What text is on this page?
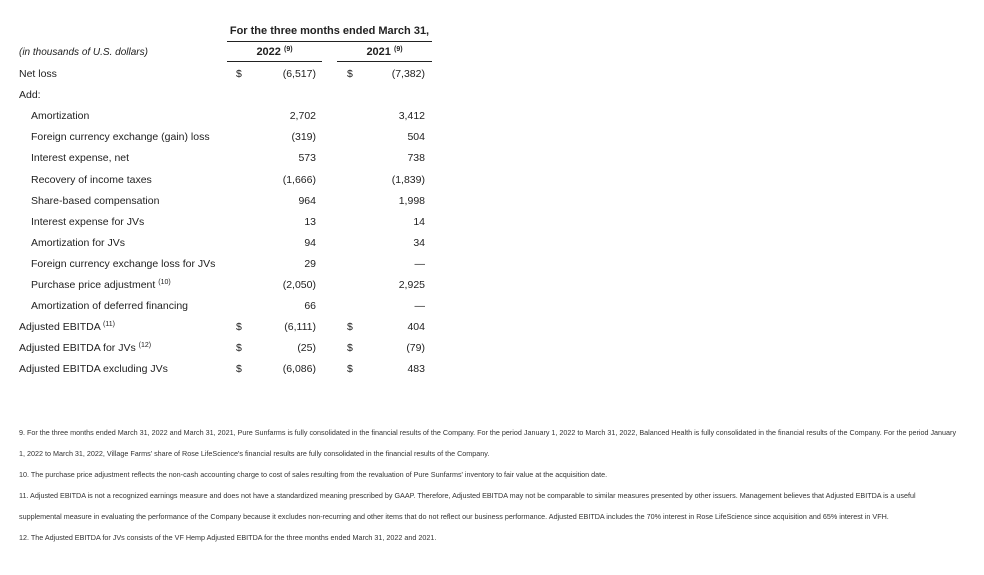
For the three months ended March 31,
2022 $^{(9)}$	2021 $^{(9)}$
(in thousands of U.S. dollars)
Net loss	$	(6,517)	$	(7,382)
Add:
Amortization	2,702	3,412
Foreign currency exchange (gain) loss	(319)	504
Interest expense, net	573	738
Recovery of income taxes	(1,666)	(1,839)
Share-based compensation	964	1,998
Interest expense for JVs	13	14
Amortization for JVs	94	34
Foreign currency exchange loss for JVs	29	—
Purchase price adjustment $^{(10)}$	(2,050)	2,925
Amortization of deferred financing	66	—
Adjusted EBITDA $^{(11)}$	$	(6,111)	$	404
Adjusted EBITDA for JVs $^{(12)}$	$	(25)	$	(79)
Adjusted EBITDA excluding JVs	$	(6,086)	$	483

9. For the three months ended March 31, 2022 and March 31, 2021, Pure Sunfarms is fully consolidated in the financial results of the Company. For the period January 1, 2022 to March 31, 2022, Balanced Health is fully consolidated in the financial results of the Company. For the period January 1, 2022 to March 31, 2022, Village Farms' share of Rose LifeScience's financial results are fully consolidated in the financial results of the Company.

10. The purchase price adjustment reflects the non-cash accounting charge to cost of sales resulting from the revaluation of Pure Sunfarms' inventory to fair value at the acquisition date.

11. Adjusted EBITDA is not a recognized earnings measure and does not have a standardized meaning prescribed by GAAP. Therefore, Adjusted EBITDA may not be comparable to similar measures presented by other issuers. Management believes that Adjusted EBITDA is a useful supplemental measure in evaluating the performance of the Company because it excludes non-recurring and other items that do not reflect our business performance. Adjusted EBITDA includes the 70% interest in Rose LifeScience since acquisition and 65% interest in VFH.

12. The Adjusted EBITDA for JVs consists of the VF Hemp Adjusted EBITDA for the three months ended March 31, 2022 and 2021.
